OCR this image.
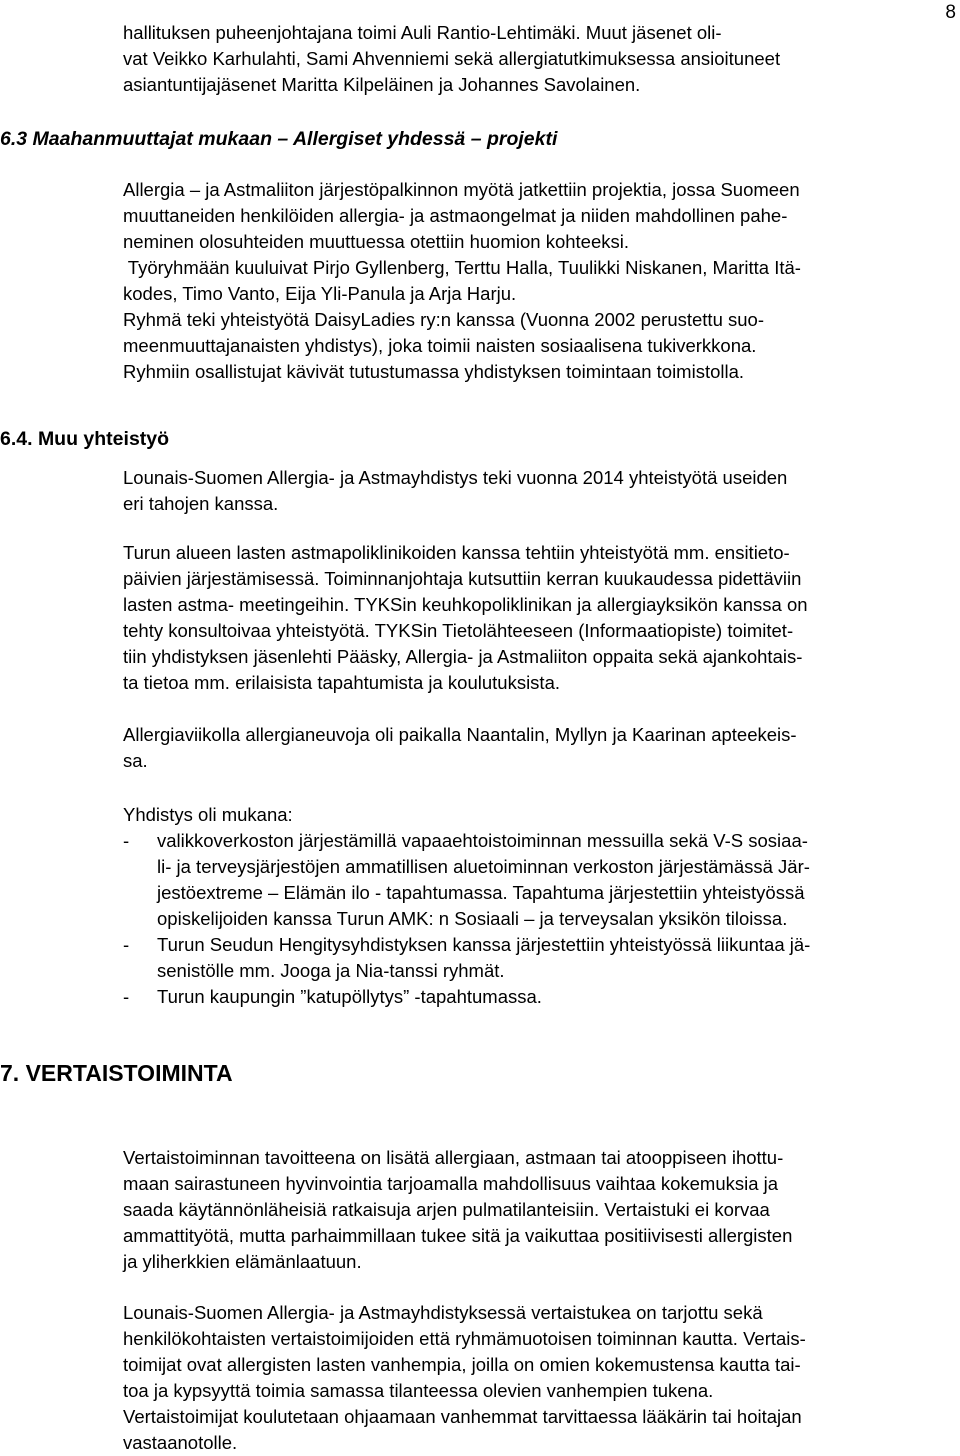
8

hallituksen puheenjohtajana toimi Auli Rantio-Lehtimäki. Muut jäsenet oli-
vat Veikko Karhulahti, Sami Ahvenniemi sekä allergiatutkimuksessa ansioituneet
asiantuntijajäsenet Maritta Kilpeläinen ja Johannes Savolainen.

6.3 Maahanmuuttajat mukaan – Allergiset yhdessä – projekti

Allergia – ja Astmaliiton järjestöpalkinnon myötä jatkettiin projektia, jossa Suomeen
muuttaneiden henkilöiden allergia- ja astmaongelmat ja niiden mahdollinen pahe-
neminen olosuhteiden muuttuessa otettiin huomion kohteeksi.

Työryhmään kuuluivat Pirjo Gyllenberg, Terttu Halla, Tuulikki Niskanen, Maritta Itä-
kodes, Timo Vanto, Eija Yli-Panula ja Arja Harju.

Ryhmä teki yhteistyötä DaisyLadies ry:n kanssa (Vuonna 2002 perustettu suo-
meenmuuttajanaisten yhdistys), joka toimii naisten sosiaalisena tukiverkkona.
Ryhmiin osallistujat kävivät tutustumassa yhdistyksen toimintaan toimistolla.

6.4. Muu yhteistyö

Lounais-Suomen Allergia- ja Astmayhdistys teki vuonna 2014 yhteistyötä useiden
eri tahojen kanssa.

Turun alueen lasten astmapoliklinikoiden kanssa tehtiin yhteistyötä mm. ensitieto-
päivien järjestämisessä. Toiminnanjohtaja kutsuttiin kerran kuukaudessa pidettäviin
lasten astma- meetingeihin. TYKSin keuhkopoliklinikan ja allergiayksikön kanssa on
tehty konsultoivaa yhteistyötä. TYKSin Tietolähteeseen (Informaatiopiste) toimitet-
tiin yhdistyksen jäsenlehti Pääsky, Allergia- ja Astmaliiton oppaita sekä ajankohtais-
ta tietoa mm. erilaisista tapahtumista ja koulutuksista.

Allergiaviikolla allergianeuvoja oli paikalla Naantalin, Myllyn ja Kaarinan apteekeis-
sa.

Yhdistys oli mukana:

- valikkoverkoston järjestämillä vapaaehtoistoiminnan messuilla sekä V-S sosiaa-
li- ja terveysjärjestöjen ammatillisen aluetoiminnan verkoston järjestämässä Jär-
jestöextreme – Elämän ilo - tapahtumassa. Tapahtuma järjestettiin yhteistyössä
opiskelijoiden kanssa Turun AMK: n Sosiaali – ja terveysalan yksikön tiloissa.
- Turun Seudun Hengitysyhdistyksen kanssa järjestettiin yhteistyössä liikuntaa jä-
senistölle mm. Jooga ja Nia-tanssi ryhmät.
- Turun kaupungin ”katupöllytys” -tapahtumassa.
7. VERTAISTOIMINTA

Vertaistoiminnan tavoitteena on lisätä allergiaan, astmaan tai atooppiseen ihottu-
maan sairastuneen hyvinvointia tarjoamalla mahdollisuus vaihtaa kokemuksia ja
saada käytännönläheisiä ratkaisuja arjen pulmatilanteisiin. Vertaistuki ei korvaa
ammattityötä, mutta parhaimmillaan tukee sitä ja vaikuttaa positiivisesti allergisten
ja yliherkkien elämänlaatuun.

Lounais-Suomen Allergia- ja Astmayhdistyksessä vertaistukea on tarjottu sekä
henkilökohtaisten vertaistoimijoiden että ryhmämuotoisen toiminnan kautta. Vertais-
toimijat ovat allergisten lasten vanhempia, joilla on omien kokemustensa kautta tai-
toa ja kypsyyttä toimia samassa tilanteessa olevien vanhempien tukena.
Vertaistoimijat koulutetaan ohjaamaan vanhemmat tarvittaessa lääkärin tai hoitajan
vastaanotolle.
